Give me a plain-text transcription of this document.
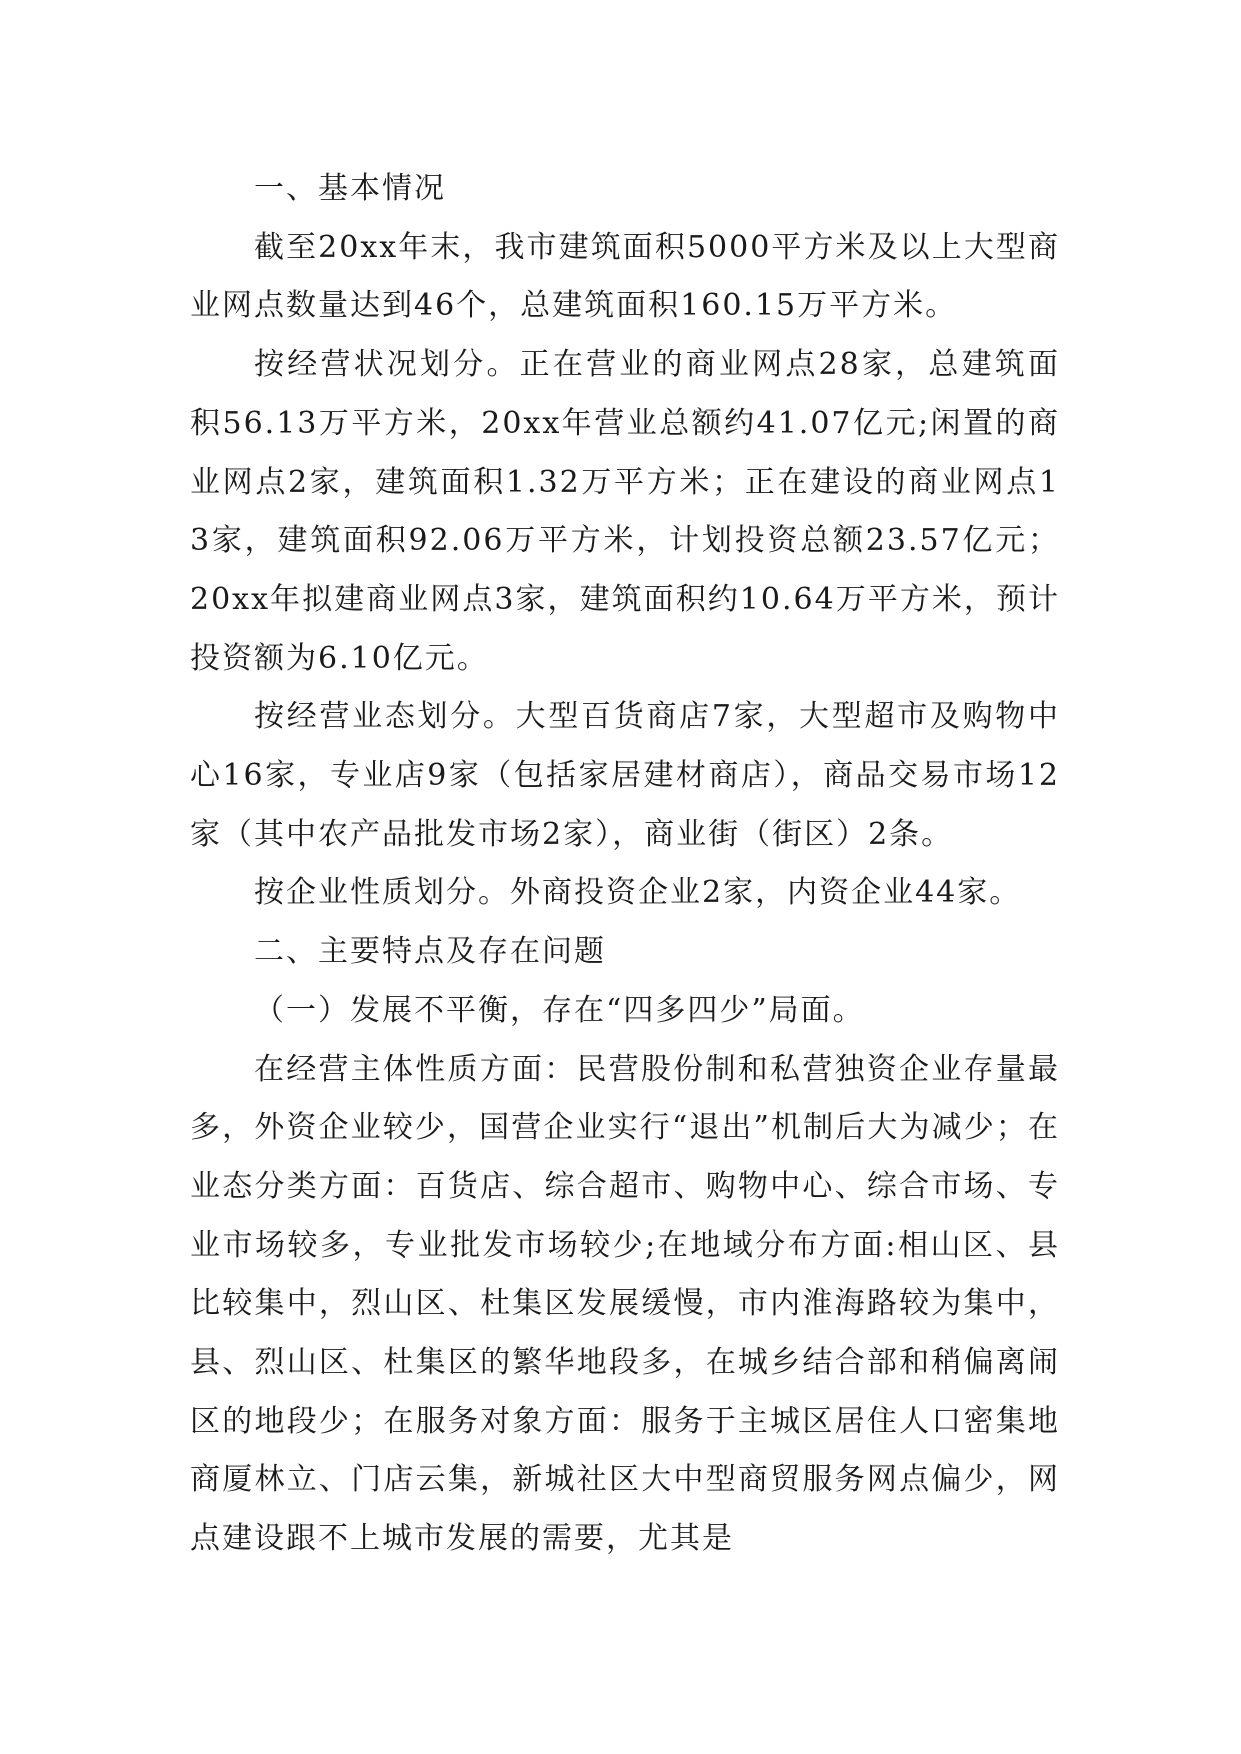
一、基本情况

截至20xx年末，我市建筑面积5000平方米及以上大型商业网点数量达到46个，总建筑面积160.15万平方米。

按经营状况划分。正在营业的商业网点28家，总建筑面积56.13万平方米，20xx年营业总额约41.07亿元;闲置的商业网点2家，建筑面积1.32万平方米；正在建设的商业网点13家，建筑面积92.06万平方米，计划投资总额23.57亿元；20xx年拟建商业网点3家，建筑面积约10.64万平方米，预计投资额为6.10亿元。

按经营业态划分。大型百货商店7家，大型超市及购物中心16家，专业店9家（包括家居建材商店），商品交易市场12家（其中农产品批发市场2家），商业街（街区）2条。

按企业性质划分。外商投资企业2家，内资企业44家。

二、主要特点及存在问题

（一）发展不平衡，存在“四多四少”局面。

在经营主体性质方面：民营股份制和私营独资企业存量最多，外资企业较少，国营企业实行“退出”机制后大为减少；在业态分类方面：百货店、综合超市、购物中心、综合市场、专业市场较多，专业批发市场较少;在地域分布方面:相山区、县比较集中，烈山区、杜集区发展缓慢，市内淮海路较为集中，县、烈山区、杜集区的繁华地段多，在城乡结合部和稍偏离闹区的地段少；在服务对象方面：服务于主城区居住人口密集地商厦林立、门店云集，新城社区大中型商贸服务网点偏少，网点建设跟不上城市发展的需要，尤其是
